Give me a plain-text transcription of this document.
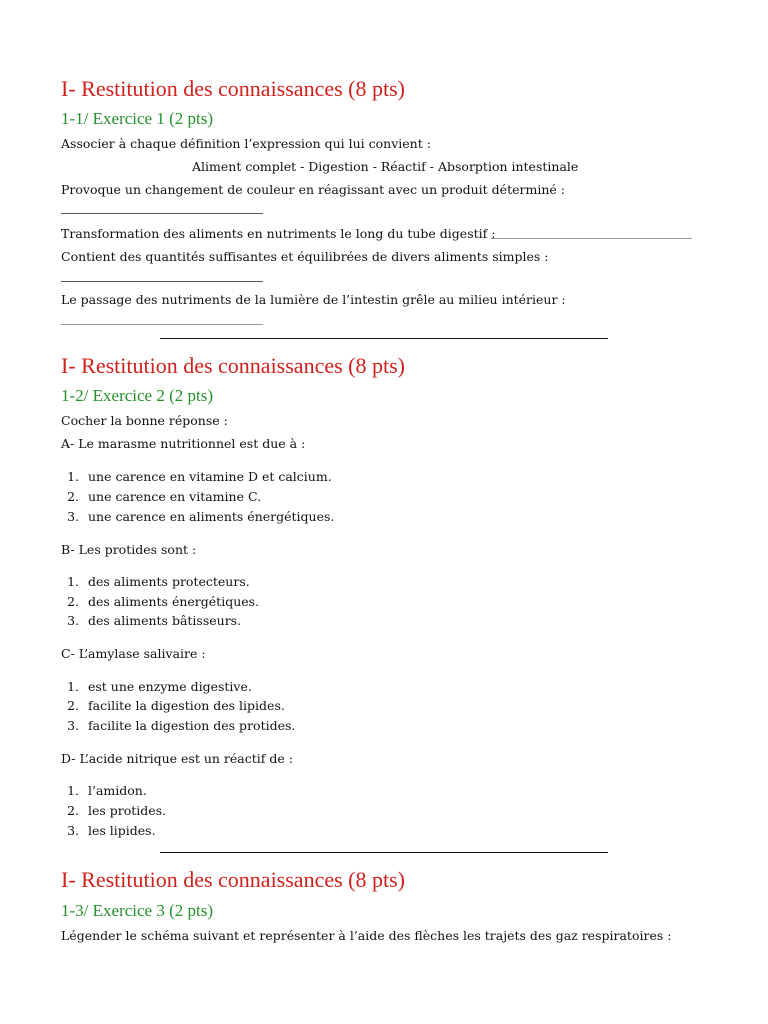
I- Restitution des connaissances (8 pts)
1-1/ Exercice 1 (2 pts)
Associer à chaque définition l’expression qui lui convient :
Aliment complet - Digestion - Réactif - Absorption intestinale
Provoque un changement de couleur en réagissant avec un produit déterminé :
Transformation des aliments en nutriments le long du tube digestif :
Contient des quantités suffisantes et équilibrées de divers aliments simples :
Le passage des nutriments de la lumière de l’intestin grêle au milieu intérieur :
I- Restitution des connaissances (8 pts)
1-2/ Exercice 2 (2 pts)
Cocher la bonne réponse :
A- Le marasme nutritionnel est due à :
1. une carence en vitamine D et calcium.
2. une carence en vitamine C.
3. une carence en aliments énergétiques.
B- Les protides sont :
1. des aliments protecteurs.
2. des aliments énergétiques.
3. des aliments bâtisseurs.
C- L’amylase salivaire :
1. est une enzyme digestive.
2. facilite la digestion des lipides.
3. facilite la digestion des protides.
D- L’acide nitrique est un réactif de :
1. l’amidon.
2. les protides.
3. les lipides.
I- Restitution des connaissances (8 pts)
1-3/ Exercice 3 (2 pts)
Légender le schéma suivant et représenter à l’aide des flèches les trajets des gaz respiratoires :
